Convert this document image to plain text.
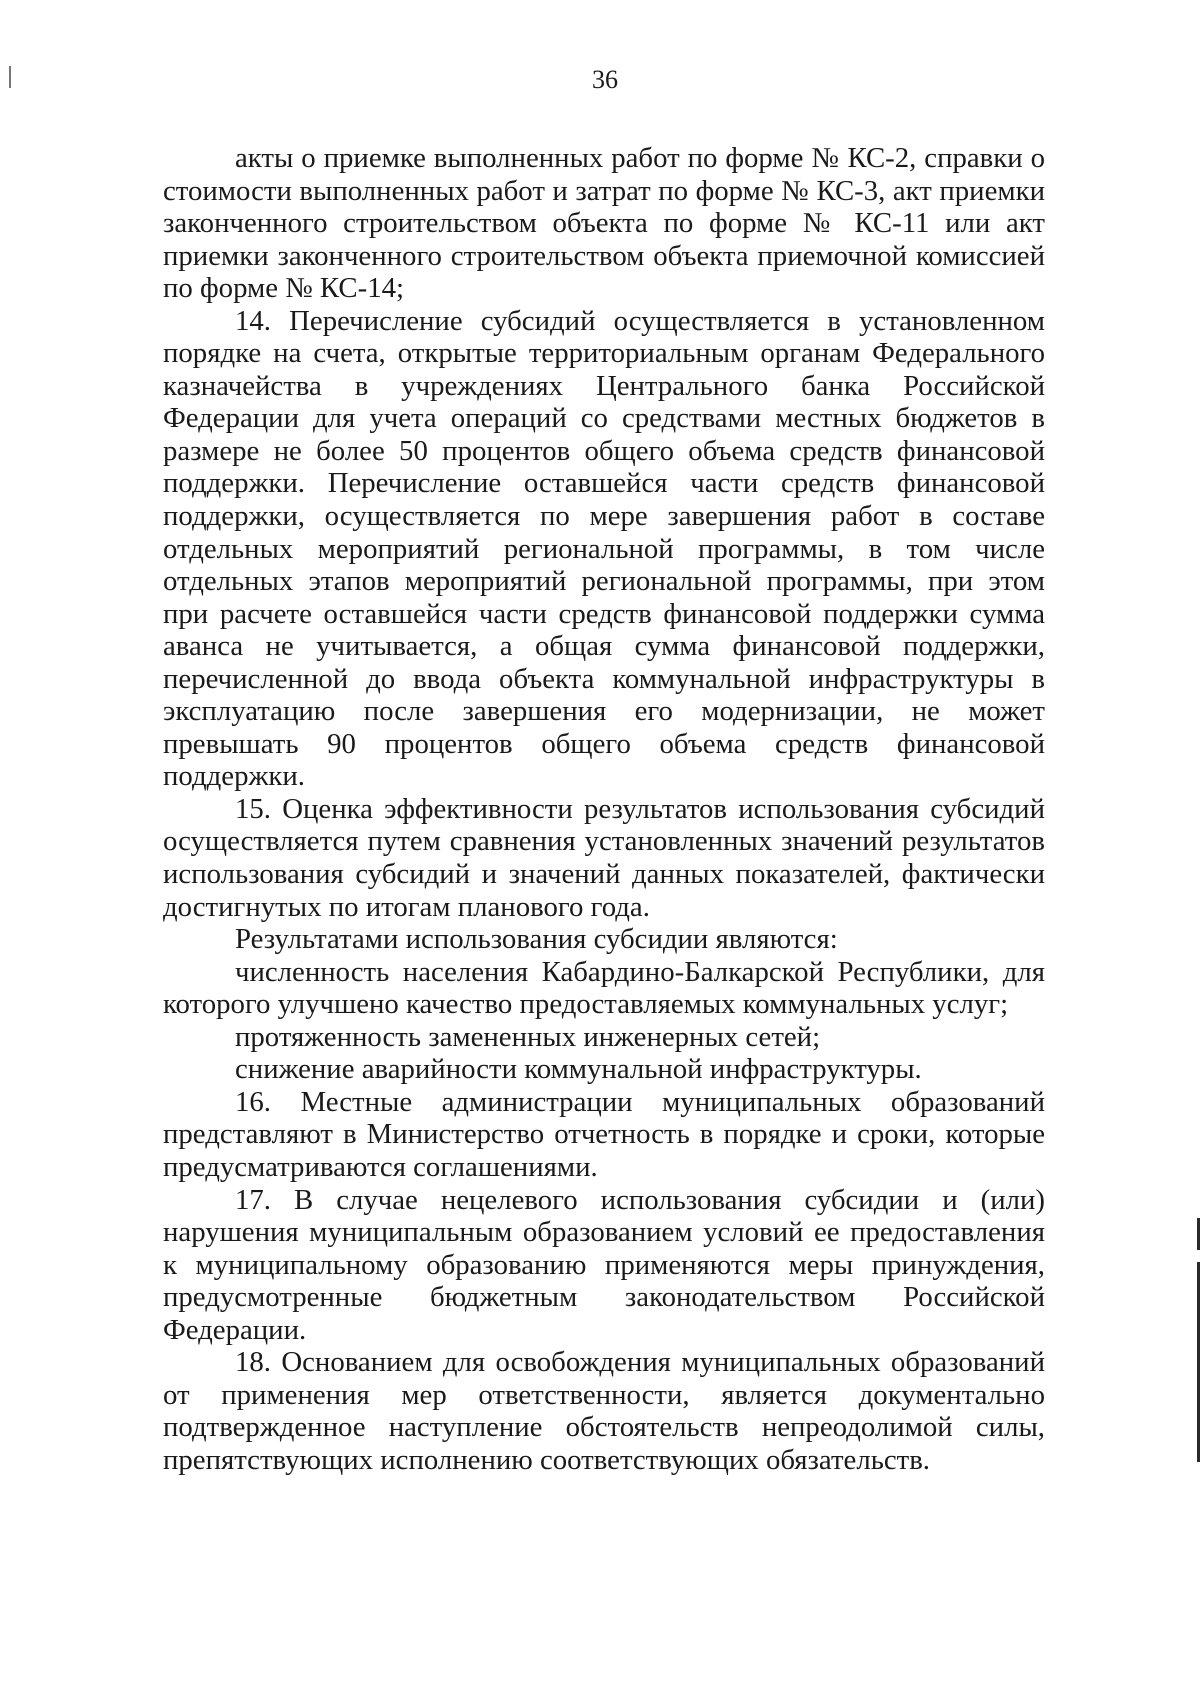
36

акты о приемке выполненных работ по форме № КС-2, справки о стоимости выполненных работ и затрат по форме № КС-3, акт приемки законченного строительством объекта по форме № КС-11 или акт приемки законченного строительством объекта приемочной комиссией по форме № КС-14;

14. Перечисление субсидий осуществляется в установленном порядке на счета, открытые территориальным органам Федерального казначейства в учреждениях Центрального банка Российской Федерации для учета операций со средствами местных бюджетов в размере не более 50 процентов общего объема средств финансовой поддержки. Перечисление оставшейся части средств финансовой поддержки, осуществляется по мере завершения работ в составе отдельных мероприятий региональной программы, в том числе отдельных этапов мероприятий региональной программы, при этом при расчете оставшейся части средств финансовой поддержки сумма аванса не учитывается, а общая сумма финансовой поддержки, перечисленной до ввода объекта коммунальной инфраструктуры в эксплуатацию после завершения его модернизации, не может превышать 90 процентов общего объема средств финансовой поддержки.

15. Оценка эффективности результатов использования субсидий осуществляется путем сравнения установленных значений результатов использования субсидий и значений данных показателей, фактически достигнутых по итогам планового года.

Результатами использования субсидии являются:

численность населения Кабардино-Балкарской Республики, для которого улучшено качество предоставляемых коммунальных услуг;

протяженность замененных инженерных сетей;

снижение аварийности коммунальной инфраструктуры.

16. Местные администрации муниципальных образований представляют в Министерство отчетность в порядке и сроки, которые предусматриваются соглашениями.

17. В случае нецелевого использования субсидии и (или) нарушения муниципальным образованием условий ее предоставления к муниципальному образованию применяются меры принуждения, предусмотренные бюджетным законодательством Российской Федерации.

18. Основанием для освобождения муниципальных образований от применения мер ответственности, является документально подтвержденное наступление обстоятельств непреодолимой силы, препятствующих исполнению соответствующих обязательств.
